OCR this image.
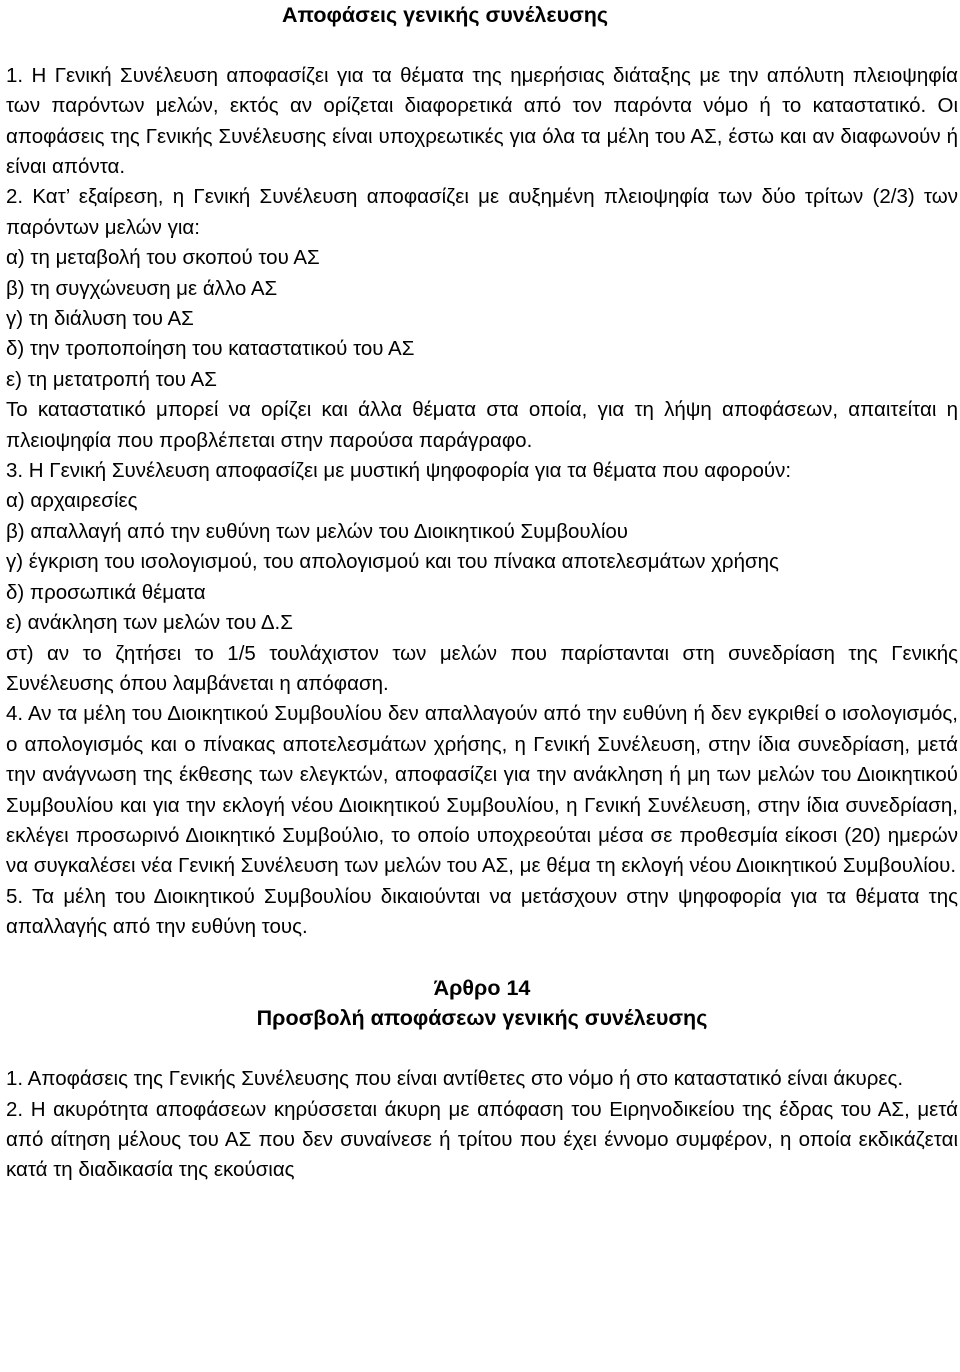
Αποφάσεις γενικής συνέλευσης

1. Η Γενική Συνέλευση αποφασίζει για τα θέματα της ημερήσιας διάταξης με την απόλυτη πλειοψηφία των παρόντων μελών, εκτός αν ορίζεται διαφορετικά από τον παρόντα νόμο ή το καταστατικό. Οι αποφάσεις της Γενικής Συνέλευσης είναι υποχρεωτικές για όλα τα μέλη του ΑΣ, έστω και αν διαφωνούν ή είναι απόντα.

2. Κατ’ εξαίρεση, η Γενική Συνέλευση αποφασίζει με αυξημένη πλειοψηφία των δύο τρίτων (2/3) των παρόντων μελών για:

α) τη μεταβολή του σκοπού του ΑΣ

β) τη συγχώνευση με άλλο ΑΣ

γ) τη διάλυση του ΑΣ

δ) την τροποποίηση του καταστατικού του ΑΣ

ε) τη μετατροπή του ΑΣ

Το καταστατικό μπορεί να ορίζει και άλλα θέματα στα οποία, για τη λήψη αποφάσεων, απαιτείται η πλειοψηφία που προβλέπεται στην παρούσα παράγραφο.

3. Η Γενική Συνέλευση αποφασίζει με μυστική ψηφοφορία για τα θέματα που αφορούν:

α) αρχαιρεσίες

β) απαλλαγή από την ευθύνη των μελών του Διοικητικού Συμβουλίου

γ) έγκριση του ισολογισμού, του απολογισμού και του πίνακα αποτελεσμάτων χρήσης

δ) προσωπικά θέματα

ε) ανάκληση των μελών του Δ.Σ

στ) αν το ζητήσει το 1/5 τουλάχιστον των μελών που παρίστανται στη συνεδρίαση της Γενικής Συνέλευσης όπου λαμβάνεται η απόφαση.

4. Αν τα μέλη του Διοικητικού Συμβουλίου δεν απαλλαγούν από την ευθύνη ή δεν εγκριθεί ο ισολογισμός, ο απολογισμός και ο πίνακας αποτελεσμάτων χρήσης, η Γενική Συνέλευση, στην ίδια συνεδρίαση, μετά την ανάγνωση της έκθεσης των ελεγκτών, αποφασίζει για την ανάκληση ή μη των μελών του Διοικητικού Συμβουλίου και για την εκλογή νέου Διοικητικού Συμβουλίου, η Γενική Συνέλευση, στην ίδια συνεδρίαση, εκλέγει προσωρινό Διοικητικό Συμβούλιο, το οποίο υποχρεούται μέσα σε προθεσμία είκοσι (20) ημερών να συγκαλέσει νέα Γενική Συνέλευση των μελών του ΑΣ, με θέμα τη εκλογή νέου Διοικητικού Συμβουλίου.

5. Τα μέλη του Διοικητικού Συμβουλίου δικαιούνται να μετάσχουν στην ψηφοφορία για τα θέματα της απαλλαγής από την ευθύνη τους.

Άρθρο 14
Προσβολή αποφάσεων γενικής συνέλευσης

1. Αποφάσεις της Γενικής Συνέλευσης που είναι αντίθετες στο νόμο ή στο καταστατικό είναι άκυρες.

2. Η ακυρότητα αποφάσεων κηρύσσεται άκυρη με απόφαση του Ειρηνοδικείου της έδρας του ΑΣ, μετά από αίτηση μέλους του ΑΣ που δεν συναίνεσε ή τρίτου που έχει έννομο συμφέρον, η οποία εκδικάζεται κατά τη διαδικασία της εκούσιας
